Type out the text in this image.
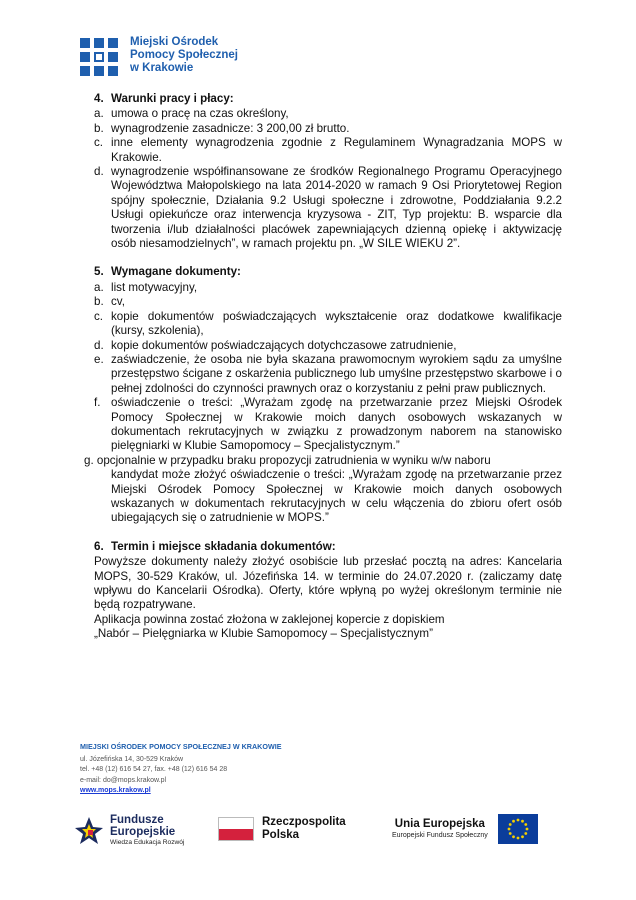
Miejski Ośrodek
Pomocy Społecznej
w Krakowie
4. Warunki pracy i płacy:
a. umowa o pracę na czas określony,
b. wynagrodzenie zasadnicze: 3 200,00 zł brutto.
c. inne elementy wynagrodzenia zgodnie z Regulaminem Wynagradzania MOPS w Krakowie.
d. wynagrodzenie współfinansowane ze środków Regionalnego Programu Operacyjnego Województwa Małopolskiego na lata 2014-2020 w ramach 9 Osi Priorytetowej Region spójny społecznie, Działania 9.2 Usługi społeczne i zdrowotne, Poddziałania 9.2.2 Usługi opiekuńcze oraz interwencja kryzysowa - ZIT, Typ projektu: B. wsparcie dla tworzenia i/lub działalności placówek zapewniających dzienną opiekę i aktywizację osób niesamodzielnych”, w ramach projektu pn. „W SILE WIEKU 2”.
5. Wymagane dokumenty:
a. list motywacyjny,
b. cv,
c. kopie dokumentów poświadczających wykształcenie oraz dodatkowe kwalifikacje (kursy, szkolenia),
d. kopie dokumentów poświadczających dotychczasowe zatrudnienie,
e. zaświadczenie, że osoba nie była skazana prawomocnym wyrokiem sądu za umyślne przestępstwo ścigane z oskarżenia publicznego lub umyślne przestępstwo skarbowe i o pełnej zdolności do czynności prawnych oraz o korzystaniu z pełni praw publicznych.
f. oświadczenie o treści: „Wyrażam zgodę na przetwarzanie przez Miejski Ośrodek Pomocy Społecznej w Krakowie moich danych osobowych wskazanych w dokumentach rekrutacyjnych w związku z prowadzonym naborem na stanowisko pielęgniarki w Klubie Samopomocy – Specjalistycznym.”
g. opcjonalnie w przypadku braku propozycji zatrudnienia w wyniku w/w naboru
kandydat może złożyć oświadczenie o treści: „Wyrażam zgodę na przetwarzanie przez Miejski Ośrodek Pomocy Społecznej w Krakowie moich danych osobowych wskazanych w dokumentach rekrutacyjnych w celu włączenia do zbioru ofert osób ubiegających się o zatrudnienie w MOPS.”
6. Termin i miejsce składania dokumentów:
Powyższe dokumenty należy złożyć osobiście lub przesłać pocztą na adres: Kancelaria MOPS, 30-529 Kraków, ul. Józefińska 14. w terminie do 24.07.2020 r. (zaliczamy datę wpływu do Kancelarii Ośrodka). Oferty, które wpłyną po wyżej określonym terminie nie będą rozpatrywane.
Aplikacja powinna zostać złożona w zaklejonej kopercie z dopiskiem
„Nabór – Pielęgniarka w Klubie Samopomocy – Specjalistycznym”
MIEJSKI OŚRODEK POMOCY SPOŁECZNEJ W KRAKOWIE
ul. Józefińska 14, 30-529 Kraków
tel. +48 (12) 616 54 27, fax. +48 (12) 616 54 28
e-mail: do@mops.krakow.pl
www.mops.krakow.pl
Fundusze
Europejskie
Wiedza Edukacja Rozwój
Rzeczpospolita
Polska
Unia Europejska
Europejski Fundusz Społeczny
